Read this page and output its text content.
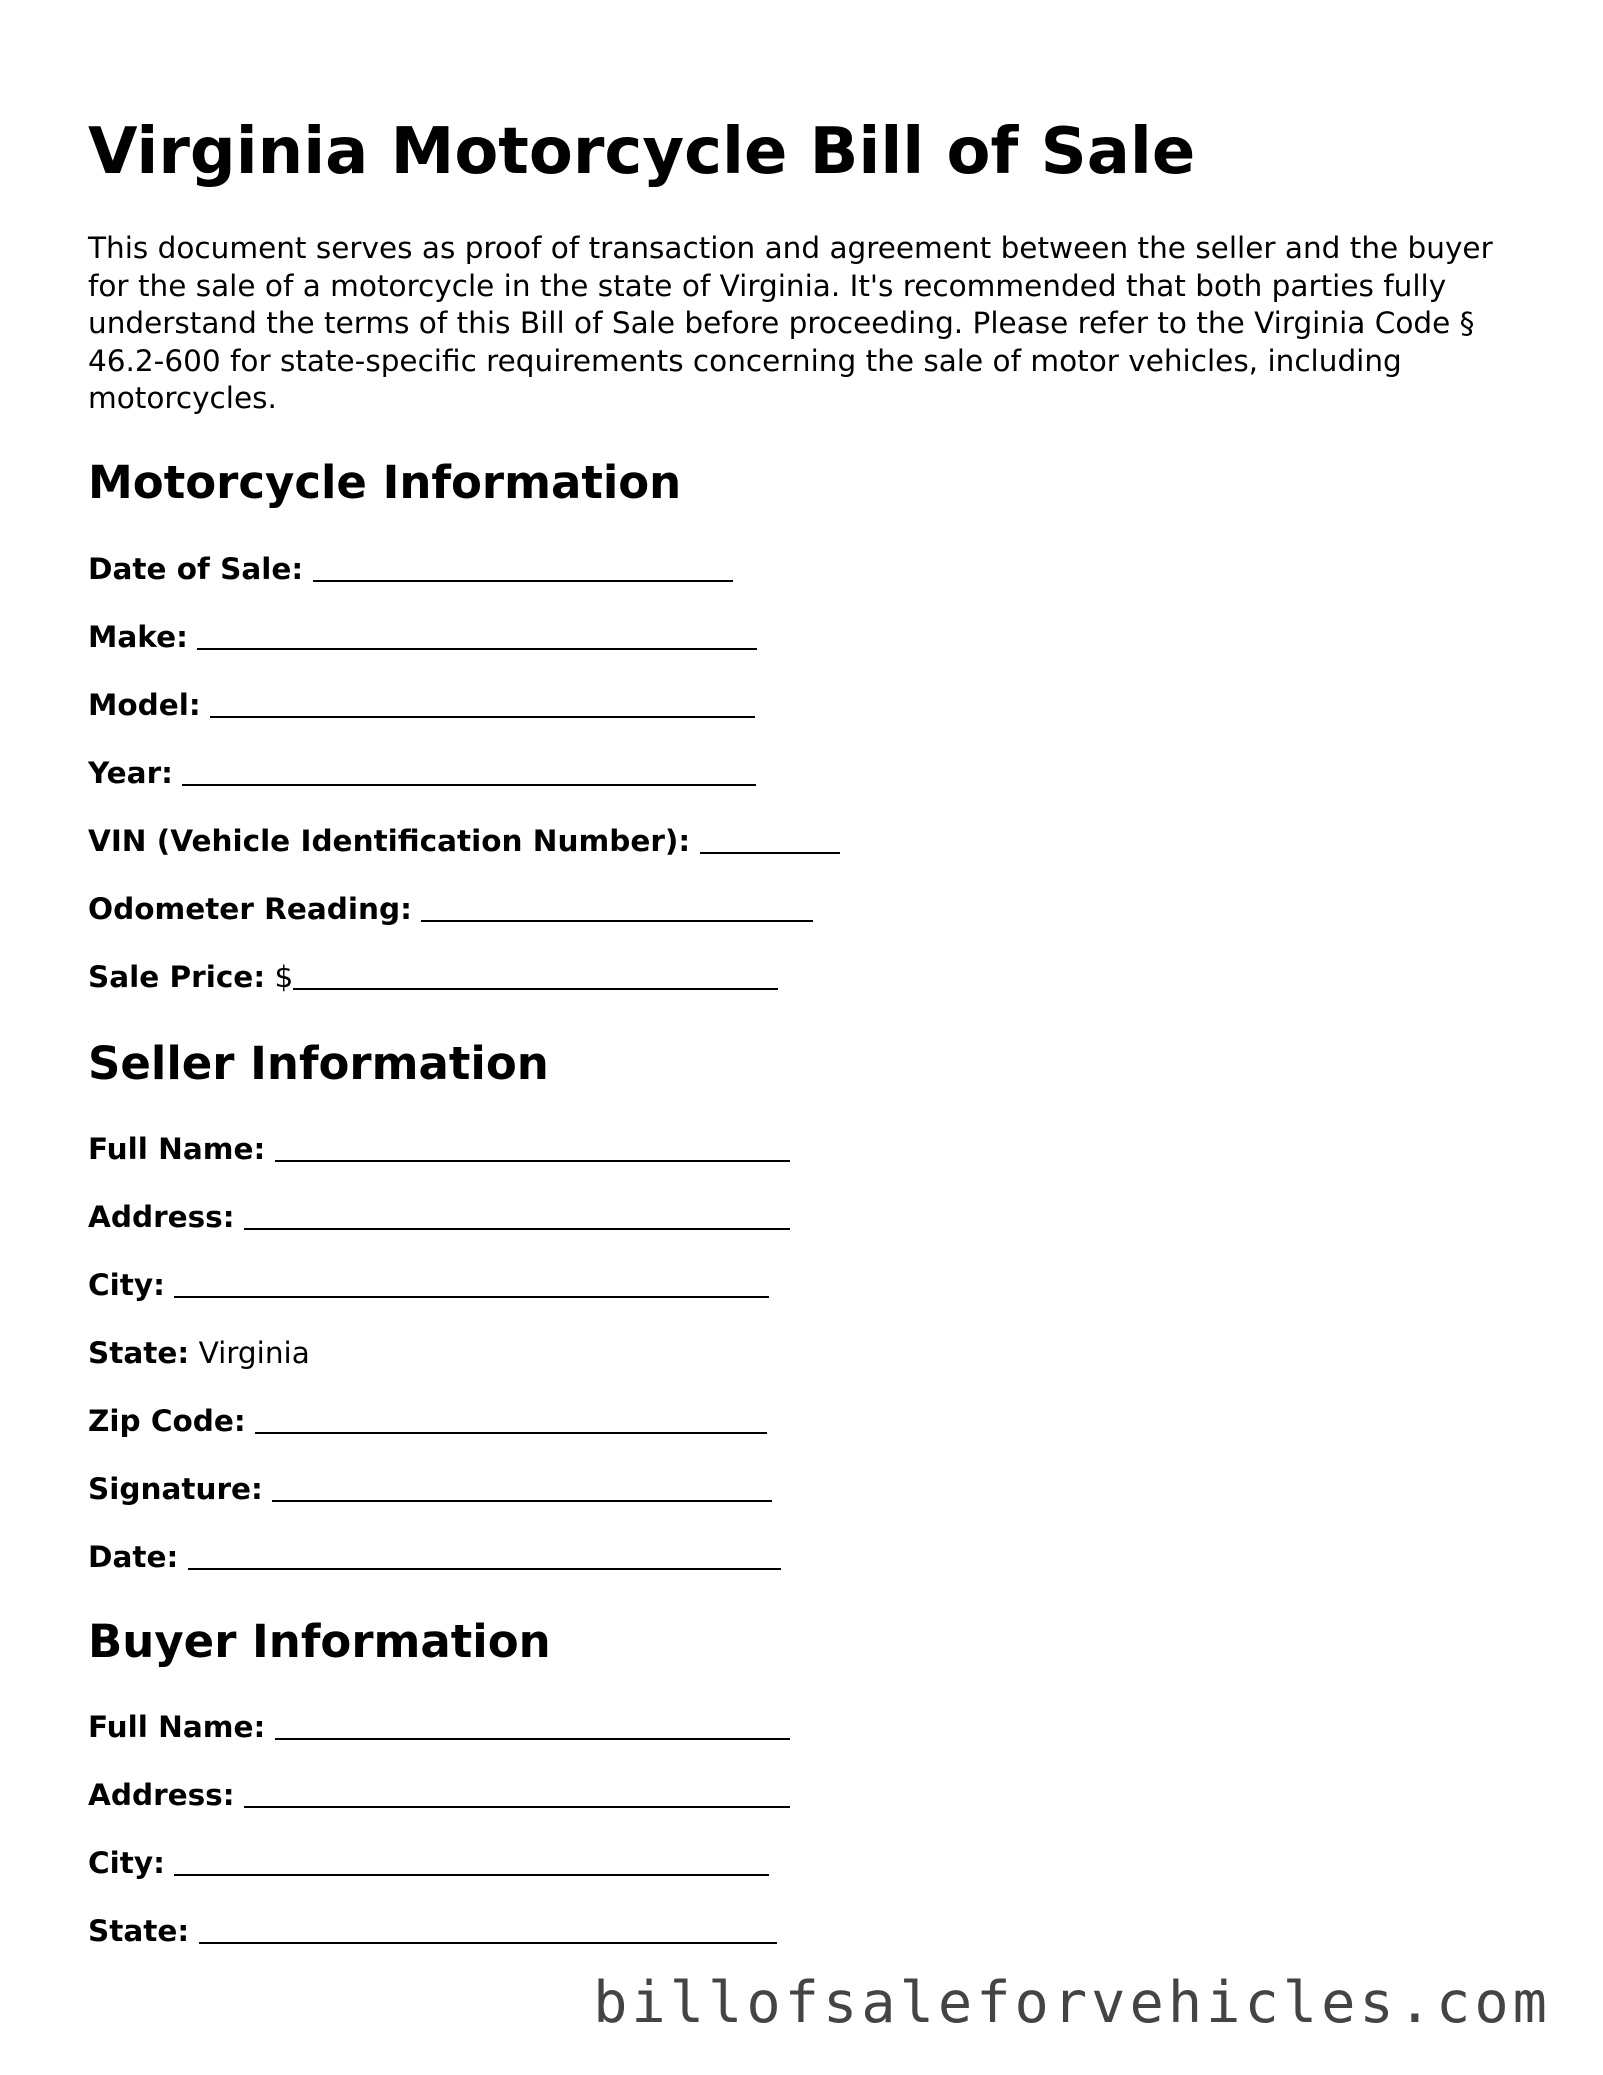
Virginia Motorcycle Bill of Sale

This document serves as proof of transaction and agreement between the seller and the buyer for the sale of a motorcycle in the state of Virginia. It's recommended that both parties fully understand the terms of this Bill of Sale before proceeding. Please refer to the Virginia Code § 46.2-600 for state-specific requirements concerning the sale of motor vehicles, including motorcycles.

Motorcycle Information
Date of Sale:
Make:
Model:
Year:
VIN (Vehicle Identification Number):
Odometer Reading:
Sale Price: $
Seller Information
Full Name:
Address:
City:
State: Virginia
Zip Code:
Signature:
Date:
Buyer Information
Full Name:
Address:
City:
State:
billofsaleforvehicles.com
